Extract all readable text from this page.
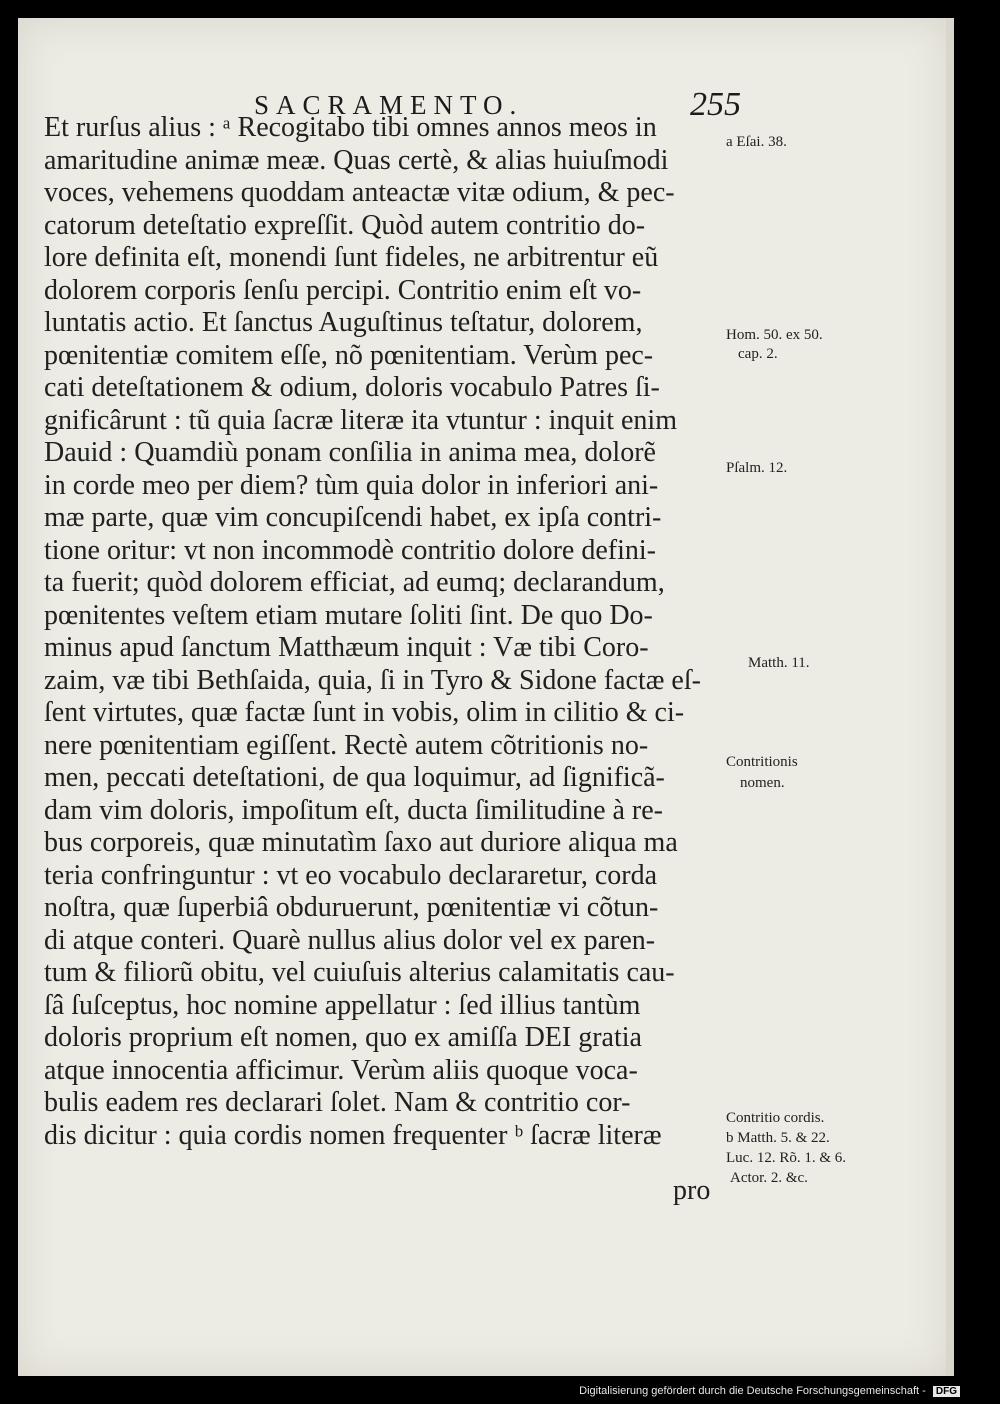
SACRAMENTO.	255

Et rurſus alius : ᵃ Recogitabo tibi omnes annos meos in
amaritudine animæ meæ. Quas certè, & alias huiuſmodi
voces, vehemens quoddam anteactæ vitæ odium, & pec-
catorum deteſtatio expreſſit. Quòd autem contritio do-
lore definita eſt, monendi ſunt fideles, ne arbitrentur eũ
dolorem corporis ſenſu percipi. Contritio enim eſt vo-
luntatis actio. Et ſanctus Auguſtinus teſtatur, dolorem,
pœnitentiæ comitem eſſe, nõ pœnitentiam. Verùm pec-
cati deteſtationem & odium, doloris vocabulo Patres ſi-
gnificârunt : tũ quia ſacræ literæ ita vtuntur : inquit enim
Dauid : Quamdiù ponam conſilia in anima mea, dolorẽ
in corde meo per diem? tùm quia dolor in inferiori ani-
mæ parte, quæ vim concupiſcendi habet, ex ipſa contri-
tione oritur: vt non incommodè contritio dolore defini-
ta fuerit; quòd dolorem efficiat, ad eumq; declarandum,
pœnitentes veſtem etiam mutare ſoliti ſint. De quo Do-
minus apud ſanctum Matthæum inquit : Væ tibi Coro-
zaim, væ tibi Bethſaida, quia, ſi in Tyro & Sidone factæ eſ-
ſent virtutes, quæ factæ ſunt in vobis, olim in cilitio & ci-
nere pœnitentiam egiſſent. Rectè autem cõtritionis no-
men, peccati deteſtationi, de qua loquimur, ad ſignificã-
dam vim doloris, impoſitum eſt, ducta ſimilitudine à re-
bus corporeis, quæ minutatìm ſaxo aut duriore aliqua ma
teria confringuntur : vt eo vocabulo declararetur, corda
noſtra, quæ ſuperbiâ obduruerunt, pœnitentiæ vi cõtun-
di atque conteri. Quarè nullus alius dolor vel ex paren-
tum & filiorũ obitu, vel cuiuſuis alterius calamitatis cau-
ſâ ſuſceptus, hoc nomine appellatur : ſed illius tantùm
doloris proprium eſt nomen, quo ex amiſſa DEI gratia
atque innocentia afficimur. Verùm aliis quoque voca-
bulis eadem res declarari ſolet. Nam & contritio cor-
dis dicitur : quia cordis nomen frequenter ᵇ ſacræ literæ

pro

a Eſai. 38.
Hom. 50. ex 50.
cap. 2.
Pſalm. 12.
Matth. 11.
Contritionis
nomen.
Contritio cordis.
b Matth. 5. & 22.
Luc. 12. Rõ. 1. & 6.
Actor. 2. &c.
Digitalisierung gefördert durch die Deutsche Forschungsgemeinschaft - DFG
